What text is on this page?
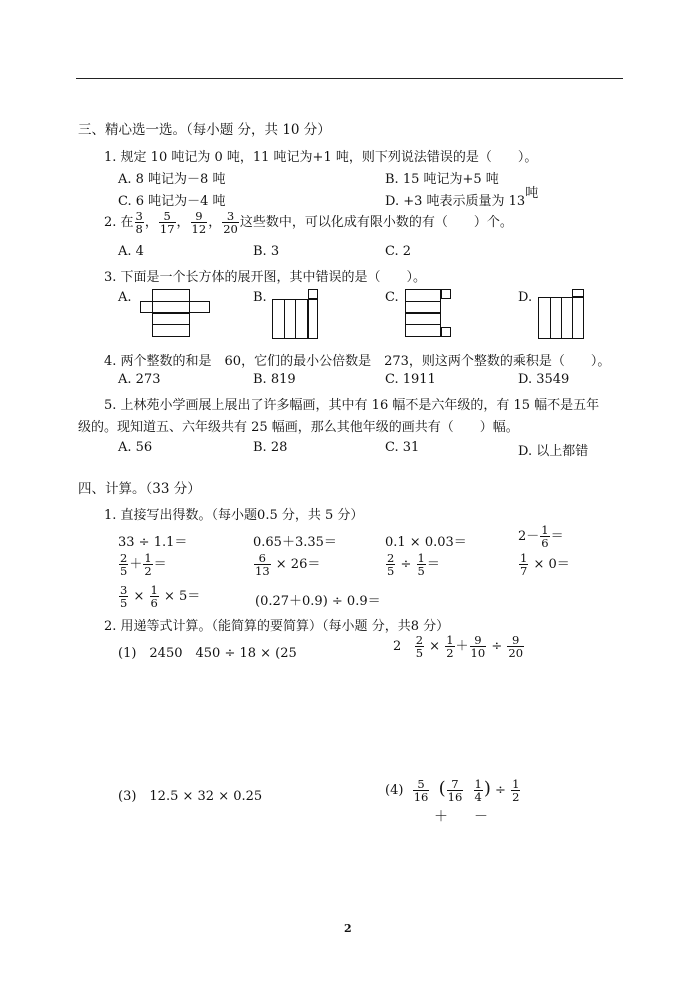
三、精心选一选。（每小题 分，共 10 分）
1. 规定 10 吨记为 0 吨，11 吨记为+1 吨，则下列说法错误的是（　　）。
A. 8 吨记为－8 吨	B. 15 吨记为+5 吨
C. 6 吨记为－4 吨	D. +3 吨表示质量为 13吨
2. 在 $\frac{3}{8}$ ， $\frac{5}{17}$ ， $\frac{9}{12}$ ， $\frac{3}{20}$ 这些数中，可以化成有限小数的有（　　）个。
A. 4	B. 3	C. 2
3. 下面是一个长方体的展开图，其中错误的是（　　）。
A.	B.	C.	D.
4. 两个整数的和是　60，它们的最小公倍数是　273，则这两个整数的乘积是（　　）。
A. 273	B. 819	C. 1911	D. 3549
5. 上林苑小学画展上展出了许多幅画，其中有 16 幅不是六年级的，有 15 幅不是五年
级的。现知道五、六年级共有 25 幅画，那么其他年级的画共有（　　）幅。
A. 56	B. 28	C. 31	D. 以上都错
四、计算。（33 分）
1. 直接写出得数。（每小题0.5 分，共 5 分）
33 ÷ 1.1＝	0.65＋3.35＝	0.1 × 0.03＝	$2- \frac{1}{6}$ ＝
$\frac{2}{5} + \frac{1}{2}$ ＝	$\frac{6}{13} \times 26=$	$\frac{2}{5} \div \frac{1}{5}$ ＝	$\frac{1}{7} \times 0=$
$\frac{3}{5} \times \frac{1}{6} \times 5=$	(0.27＋0.9) ÷ 0.9＝
2. 用递等式计算。（能简算的要简算）（每小题 分，共8 分）
(1)　2450　450 ÷ 18 × (25	$2 \frac{2}{5} \times \frac{1}{2} + \frac{9}{10} \div \frac{9}{20}$
(3)　12.5 × 32 × 0.25	$(4) \frac{5}{16}$ ( $\frac{7}{16}$
$\frac{1}{4}$ ) ÷ $\frac{1}{2}$
＋ －
2
